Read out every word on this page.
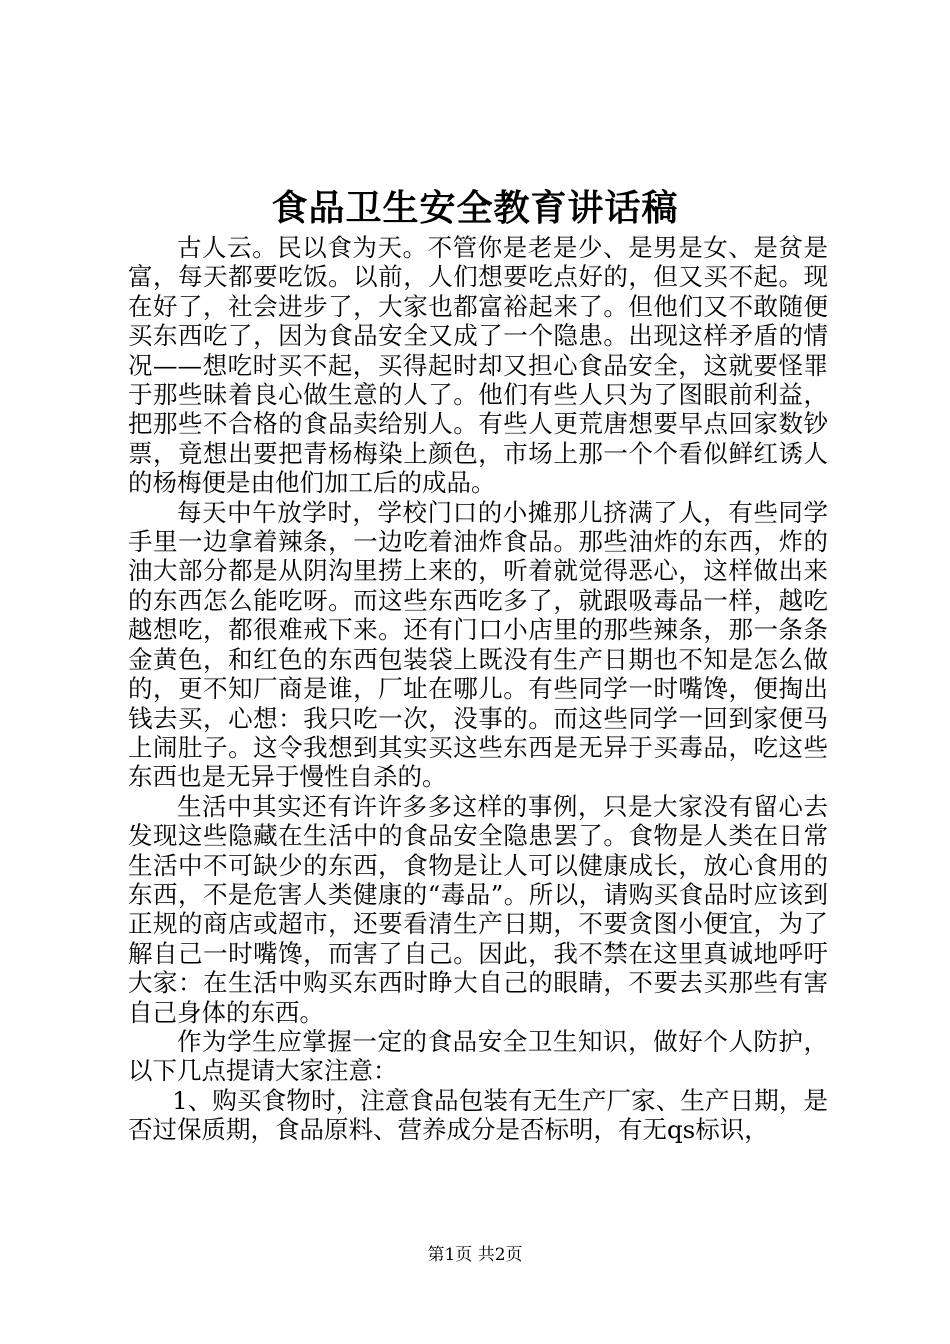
食品卫生安全教育讲话稿

古人云。民以食为天。不管你是老是少、是男是女、是贫是富，每天都要吃饭。以前，人们想要吃点好的，但又买不起。现在好了，社会进步了，大家也都富裕起来了。但他们又不敢随便买东西吃了，因为食品安全又成了一个隐患。出现这样矛盾的情况——想吃时买不起，买得起时却又担心食品安全，这就要怪罪于那些昧着良心做生意的人了。他们有些人只为了图眼前利益，把那些不合格的食品卖给别人。有些人更荒唐想要早点回家数钞票，竟想出要把青杨梅染上颜色，市场上那一个个看似鲜红诱人的杨梅便是由他们加工后的成品。

每天中午放学时，学校门口的小摊那儿挤满了人，有些同学手里一边拿着辣条，一边吃着油炸食品。那些油炸的东西，炸的油大部分都是从阴沟里捞上来的，听着就觉得恶心，这样做出来的东西怎么能吃呀。而这些东西吃多了，就跟吸毒品一样，越吃越想吃，都很难戒下来。还有门口小店里的那些辣条，那一条条金黄色，和红色的东西包装袋上既没有生产日期也不知是怎么做的，更不知厂商是谁，厂址在哪儿。有些同学一时嘴馋，便掏出钱去买，心想：我只吃一次，没事的。而这些同学一回到家便马上闹肚子。这令我想到其实买这些东西是无异于买毒品，吃这些东西也是无异于慢性自杀的。

生活中其实还有许许多多这样的事例，只是大家没有留心去发现这些隐藏在生活中的食品安全隐患罢了。食物是人类在日常生活中不可缺少的东西，食物是让人可以健康成长，放心食用的东西，不是危害人类健康的“毒品”。所以，请购买食品时应该到正规的商店或超市，还要看清生产日期，不要贪图小便宜，为了解自己一时嘴馋，而害了自己。因此，我不禁在这里真诚地呼吁大家：在生活中购买东西时睁大自己的眼睛，不要去买那些有害自己身体的东西。

作为学生应掌握一定的食品安全卫生知识，做好个人防护，以下几点提请大家注意：

1、购买食物时，注意食品包装有无生产厂家、生产日期，是否过保质期，食品原料、营养成分是否标明，有无qs标识，

第1页 共2页
